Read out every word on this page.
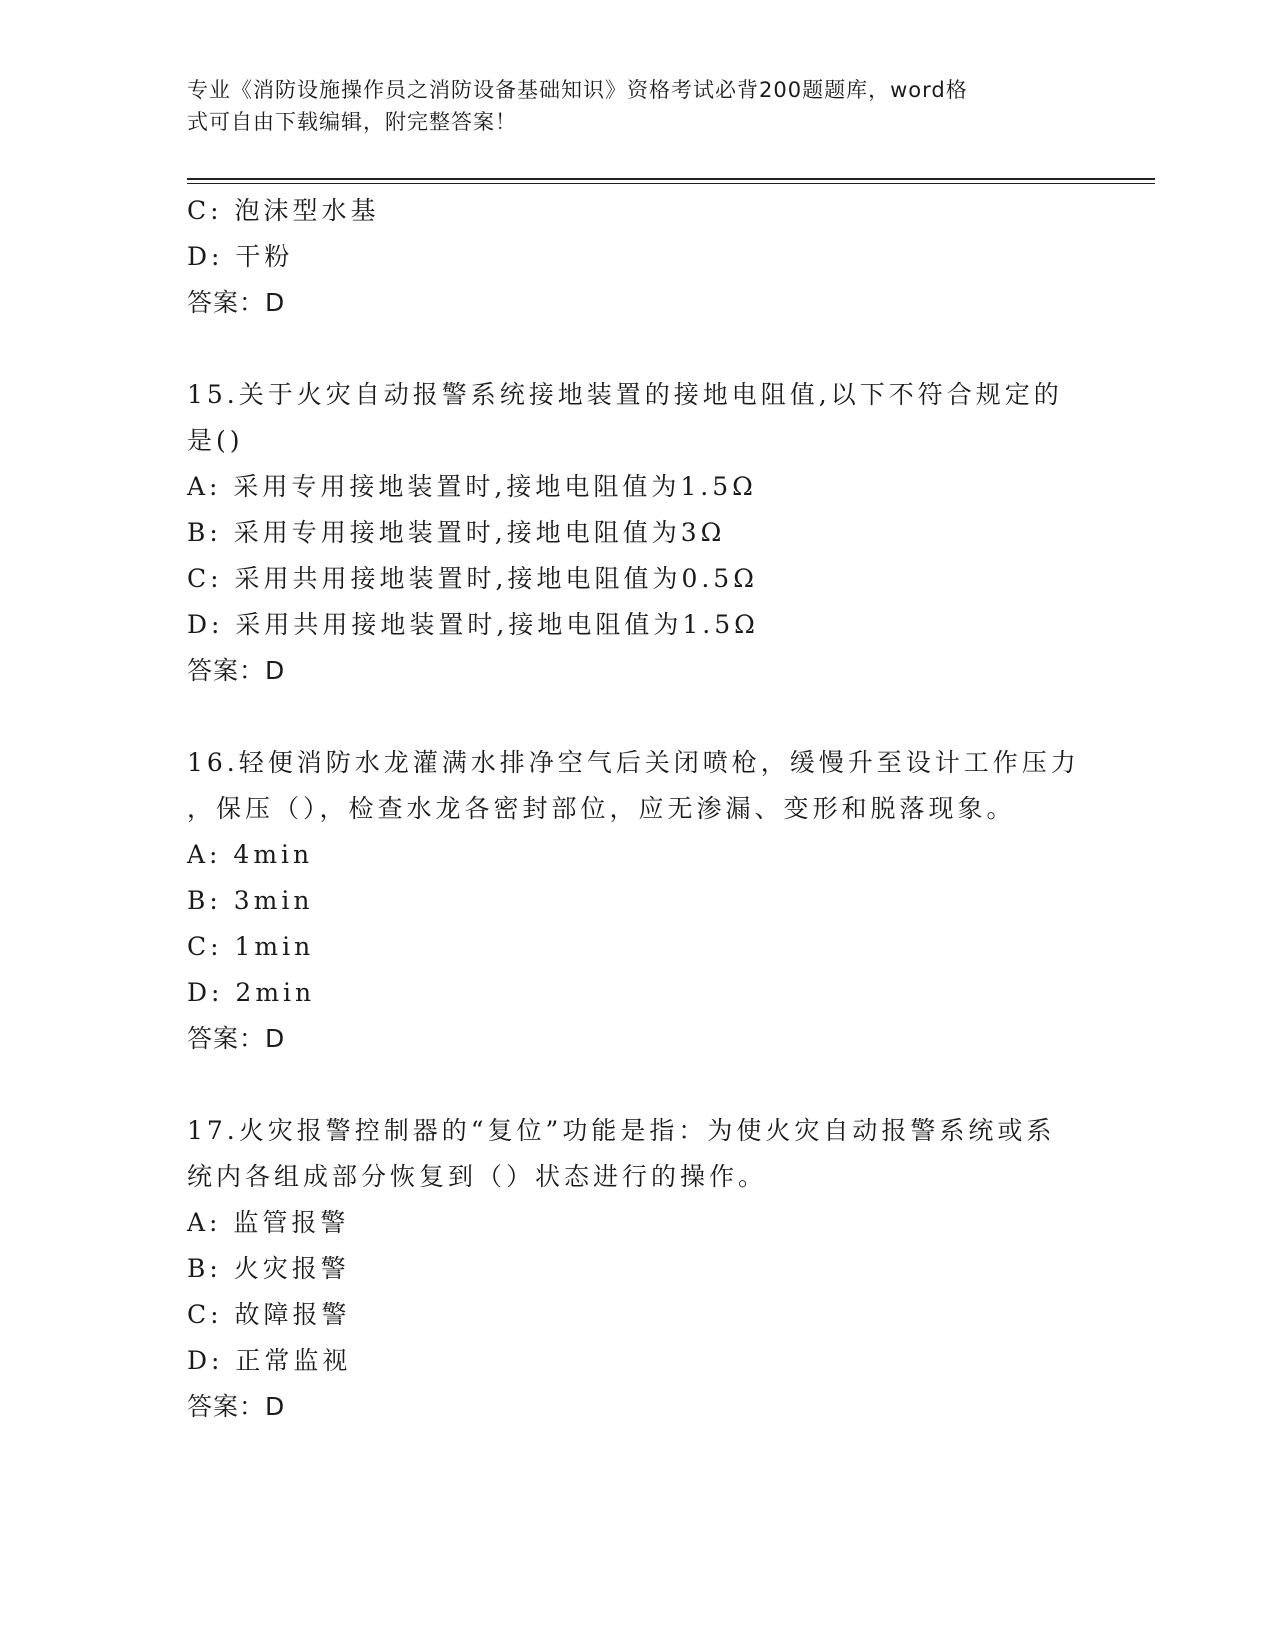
专业《消防设施操作员之消防设备基础知识》资格考试必背200题题库，word格
式可自由下载编辑，附完整答案！
C: 泡沫型水基
D: 干粉
答案：D
15.关于火灾自动报警系统接地装置的接地电阻值,以下不符合规定的
是()
A: 采用专用接地装置时,接地电阻值为1.5Ω
B: 采用专用接地装置时,接地电阻值为3Ω
C: 采用共用接地装置时,接地电阻值为0.5Ω
D: 采用共用接地装置时,接地电阻值为1.5Ω
答案：D
16.轻便消防水龙灌满水排净空气后关闭喷枪，缓慢升至设计工作压力
，保压（），检查水龙各密封部位，应无渗漏、变形和脱落现象。
A: 4min
B: 3min
C: 1min
D: 2min
答案：D
17.火灾报警控制器的“复位”功能是指：为使火灾自动报警系统或系
统内各组成部分恢复到（）状态进行的操作。
A: 监管报警
B: 火灾报警
C: 故障报警
D: 正常监视
答案：D
